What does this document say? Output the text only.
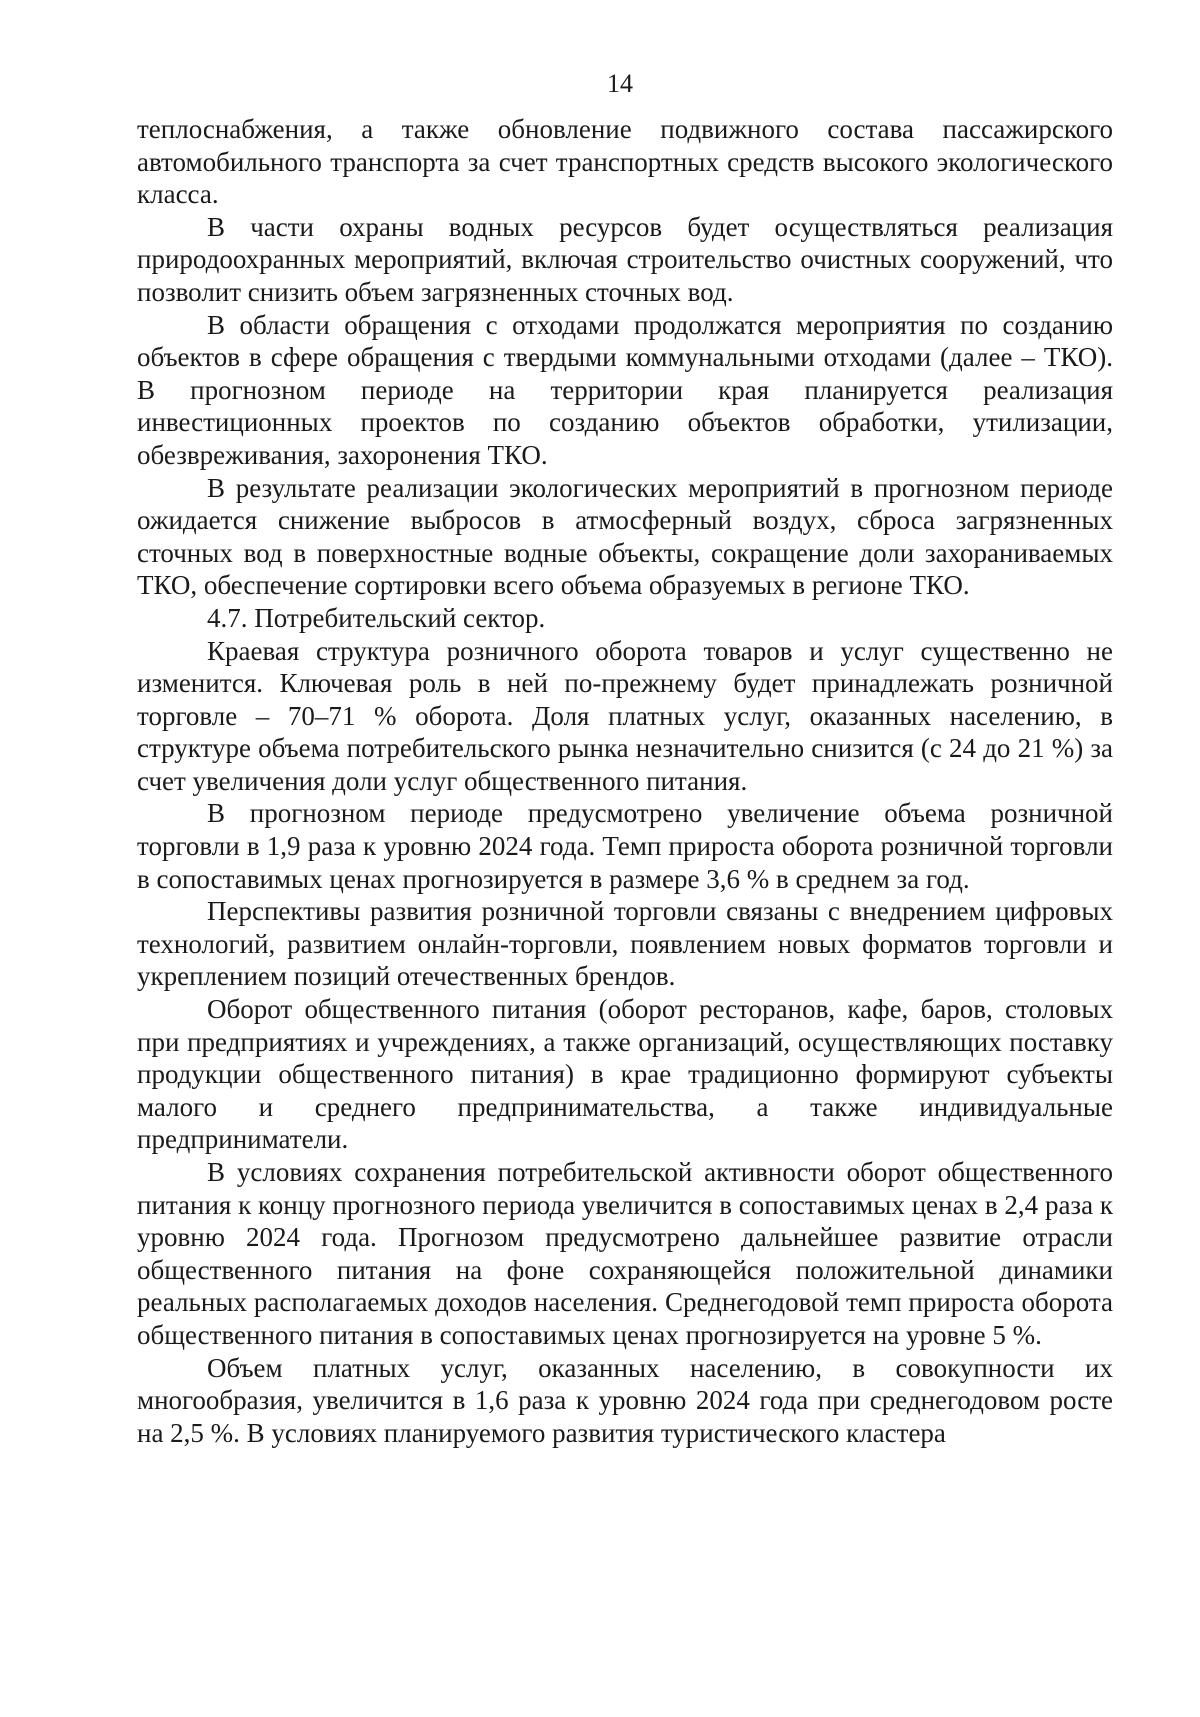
14

теплоснабжения, а также обновление подвижного состава пассажирского автомобильного транспорта за счет транспортных средств высокого экологического класса.

В части охраны водных ресурсов будет осуществляться реализация природоохранных мероприятий, включая строительство очистных сооружений, что позволит снизить объем загрязненных сточных вод.

В области обращения с отходами продолжатся мероприятия по созданию объектов в сфере обращения с твердыми коммунальными отходами (далее – ТКО). В прогнозном периоде на территории края планируется реализация инвестиционных проектов по созданию объектов обработки, утилизации, обезвреживания, захоронения ТКО.

В результате реализации экологических мероприятий в прогнозном периоде ожидается снижение выбросов в атмосферный воздух, сброса загрязненных сточных вод в поверхностные водные объекты, сокращение доли захораниваемых ТКО, обеспечение сортировки всего объема образуемых в регионе ТКО.

4.7. Потребительский сектор.

Краевая структура розничного оборота товаров и услуг существенно не изменится. Ключевая роль в ней по-прежнему будет принадлежать розничной торговле – 70–71 % оборота. Доля платных услуг, оказанных населению, в структуре объема потребительского рынка незначительно снизится (с 24 до 21 %) за счет увеличения доли услуг общественного питания.

В прогнозном периоде предусмотрено увеличение объема розничной торговли в 1,9 раза к уровню 2024 года. Темп прироста оборота розничной торговли в сопоставимых ценах прогнозируется в размере 3,6 % в среднем за год.

Перспективы развития розничной торговли связаны с внедрением цифровых технологий, развитием онлайн-торговли, появлением новых форматов торговли и укреплением позиций отечественных брендов.

Оборот общественного питания (оборот ресторанов, кафе, баров, столовых при предприятиях и учреждениях, а также организаций, осуществляющих поставку продукции общественного питания) в крае традиционно формируют субъекты малого и среднего предпринимательства, а также индивидуальные предприниматели.

В условиях сохранения потребительской активности оборот общественного питания к концу прогнозного периода увеличится в сопоставимых ценах в 2,4 раза к уровню 2024 года. Прогнозом предусмотрено дальнейшее развитие отрасли общественного питания на фоне сохраняющейся положительной динамики реальных располагаемых доходов населения. Среднегодовой темп прироста оборота общественного питания в сопоставимых ценах прогнозируется на уровне 5 %.

Объем платных услуг, оказанных населению, в совокупности их многообразия, увеличится в 1,6 раза к уровню 2024 года при среднегодовом росте на 2,5 %. В условиях планируемого развития туристического кластера
